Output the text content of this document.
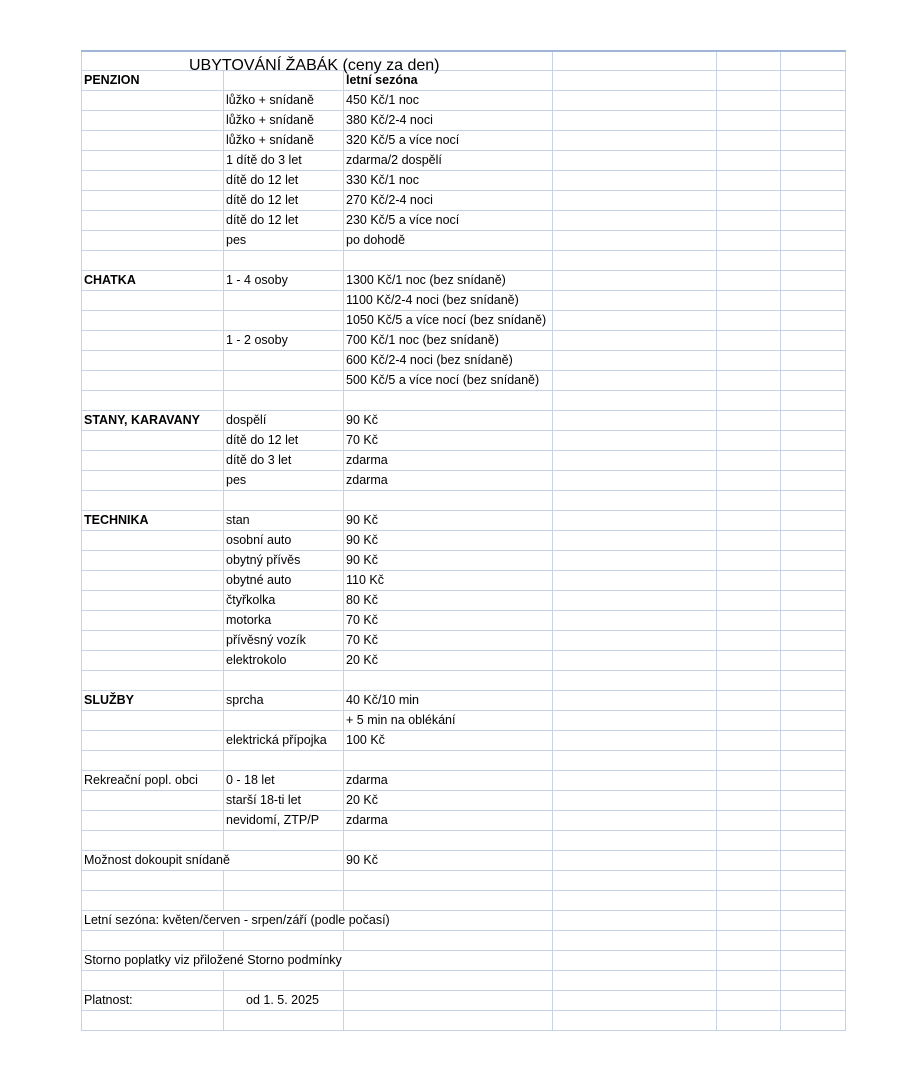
PENZION		letní sezóna			
	lůžko + snídaně	450 Kč/1 noc			
	lůžko + snídaně	380 Kč/2-4 noci			
	lůžko + snídaně	320 Kč/5 a více nocí			
	1 dítě do 3 let	zdarma/2 dospělí			
	dítě do 12 let	330 Kč/1 noc			
	dítě do 12 let	270 Kč/2-4 noci			
	dítě do 12 let	230 Kč/5 a více nocí			
	pes	po dohodě			

CHATKA	1 - 4 osoby	1300 Kč/1 noc (bez snídaně)			
		1100 Kč/2-4 noci (bez snídaně)			
		1050 Kč/5 a více nocí (bez snídaně)			
	1 - 2 osoby	700 Kč/1 noc (bez snídaně)			
		600 Kč/2-4 noci (bez snídaně)			
		500 Kč/5 a více nocí (bez snídaně)			

STANY, KARAVANY	dospělí	90 Kč			
	dítě do 12 let	70 Kč			
	dítě do 3 let	zdarma			
	pes	zdarma			

TECHNIKA	stan	90 Kč			
	osobní auto	90 Kč			
	obytný přívěs	90 Kč			
	obytné auto	110 Kč			
	čtyřkolka	80 Kč			
	motorka	70 Kč			
	přívěsný vozík	70 Kč			
	elektrokolo	20 Kč			

SLUŽBY	sprcha	40 Kč/10 min			
		+ 5 min na oblékání			
	elektrická přípojka	100 Kč			

Rekreační popl. obci	0 - 18 let	zdarma			
	starší 18-ti let	20 Kč			
	nevidomí, ZTP/P	zdarma			

Možnost dokoupit snídaně		90 Kč			

Letní sezóna: květen/červen - srpen/září (podle počasí)					

Storno poplatky viz přiložené Storno podmínky					

Platnost:	od 1. 5. 2025				

UBYTOVÁNÍ ŽABÁK (ceny za den)
